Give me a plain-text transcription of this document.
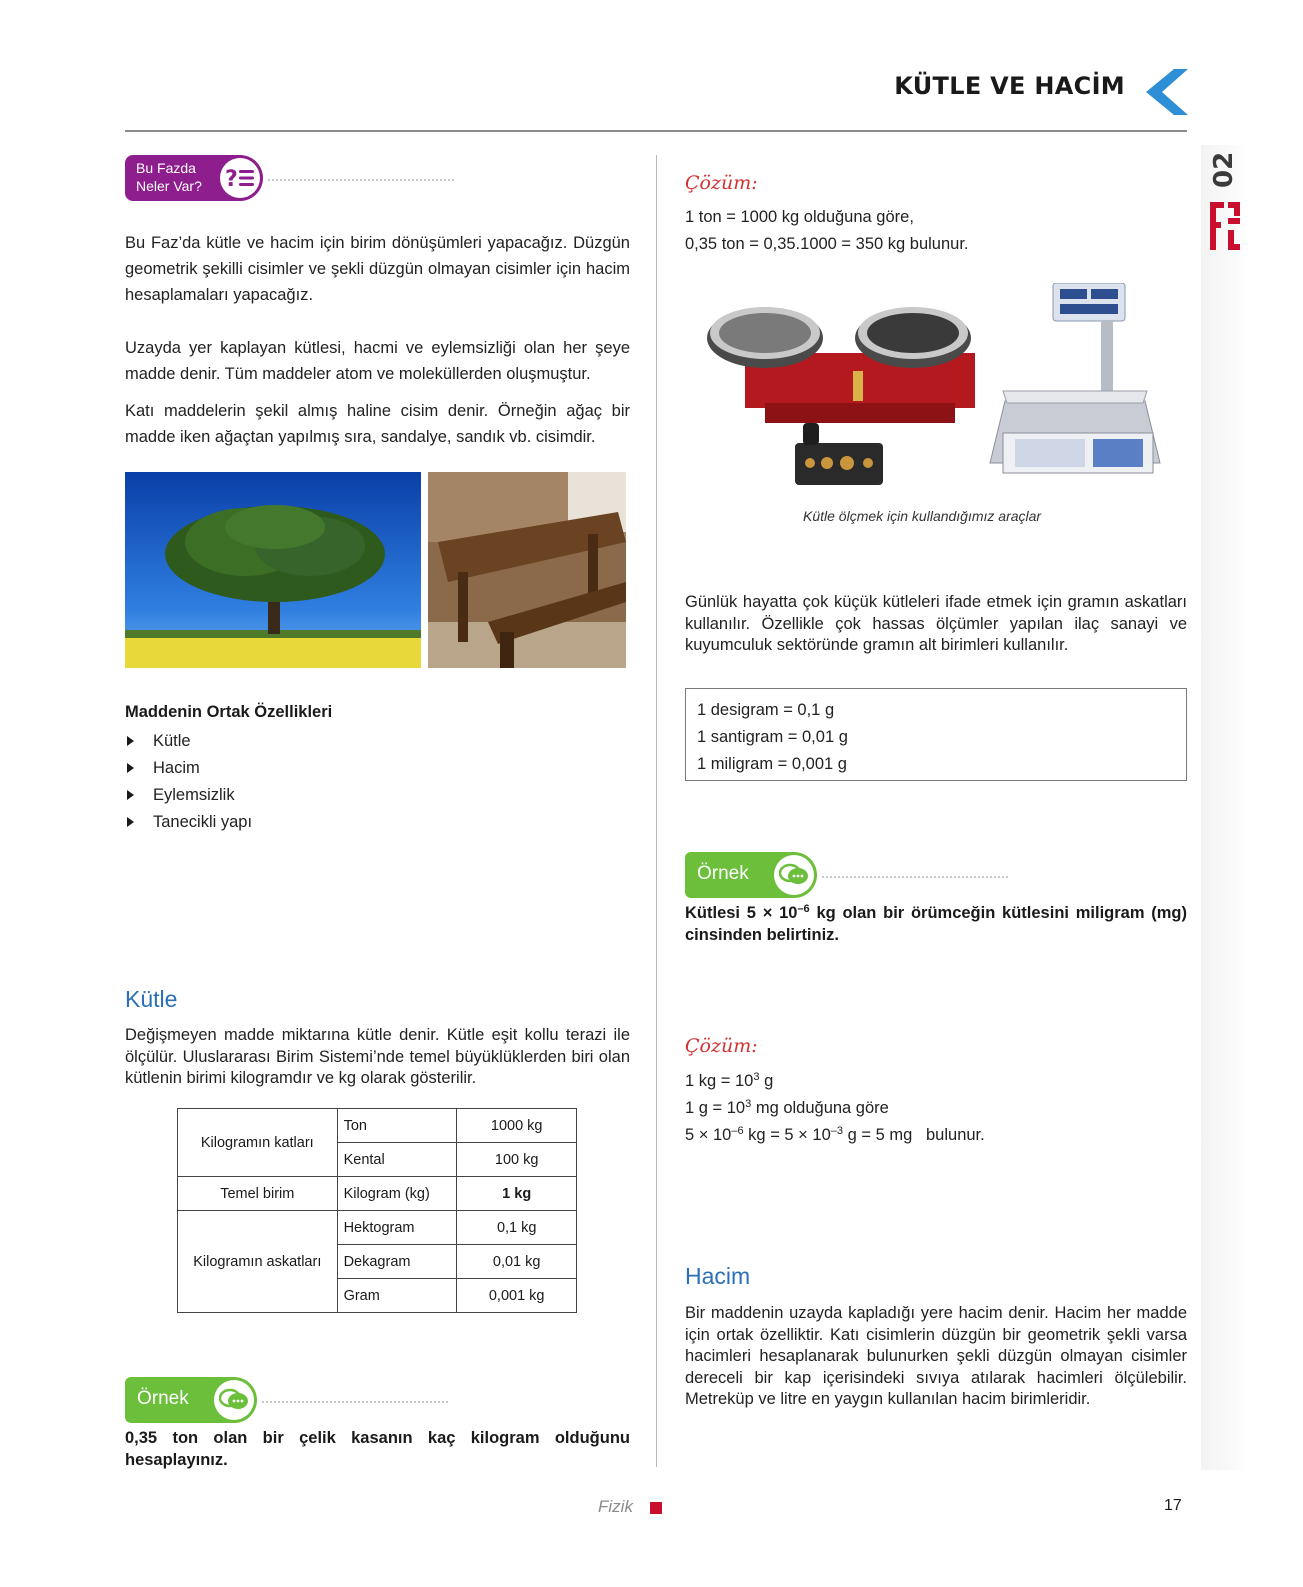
KÜTLE VE HACİM
02
Bu Fazda Neler Var?	?
Bu Faz’da kütle ve hacim için birim dönüşümleri yapacağız. Düzgün geometrik şekilli cisimler ve şekli düzgün olmayan cisimler için hacim hesaplamaları yapacağız.
Uzayda yer kaplayan kütlesi, hacmi ve eylemsizliği olan her şeye madde denir. Tüm maddeler atom ve moleküllerden oluşmuştur.
Katı maddelerin şekil almış haline cisim denir. Örneğin ağaç bir madde iken ağaçtan yapılmış sıra, sandalye, sandık vb. cisimdir.
Maddenin Ortak Özellikleri
Kütle
Hacim
Eylemsizlik
Tanecikli yapı
Kütle
Değişmeyen madde miktarına kütle denir. Kütle eşit kollu terazi ile ölçülür. Uluslararası Birim Sistemi’nde temel büyüklüklerden biri olan kütlenin birimi kilogramdır ve kg olarak gösterilir.
Kilogramın katları	Ton	1000 kg
	Kental	100 kg
Temel birim	Kilogram (kg)	1 kg
Kilogramın askatları	Hektogram	0,1 kg
	Dekagram	0,01 kg
	Gram	0,001 kg
Örnek
0,35 ton olan bir çelik kasanın kaç kilogram olduğunu hesaplayınız.
Çözüm:
1 ton = 1000 kg olduğuna göre,
0,35 ton = 0,35.1000 = 350 kg bulunur.
Kütle ölçmek için kullandığımız araçlar
Günlük hayatta çok küçük kütleleri ifade etmek için gramın askatları kullanılır. Özellikle çok hassas ölçümler yapılan ilaç sanayi ve kuyumculuk sektöründe gramın alt birimleri kullanılır.
1 desigram = 0,1 g
1 santigram = 0,01 g
1 miligram = 0,001 g
Örnek
Kütlesi $5 \times 10^{-6}$ kg olan bir örümceğin kütlesini miligram (mg) cinsinden belirtiniz.
Çözüm:
1 kg = $10^3$ g
1 $g = 10^3$ mg olduğuna göre
$5 \times 10^{-6}$ kg = $5 \times 10^{-3}$ g = 5 mg   bulunur.
Hacim
Bir maddenin uzayda kapladığı yere hacim denir. Hacim her madde için ortak özelliktir. Katı cisimlerin düzgün bir geometrik şekli varsa hacimleri hesaplanarak bulunurken şekli düzgün olmayan cisimler dereceli bir kap içerisindeki sıvıya atılarak hacimleri ölçülebilir. Metreküp ve litre en yaygın kullanılan hacim birimleridir.
Fizik	17
